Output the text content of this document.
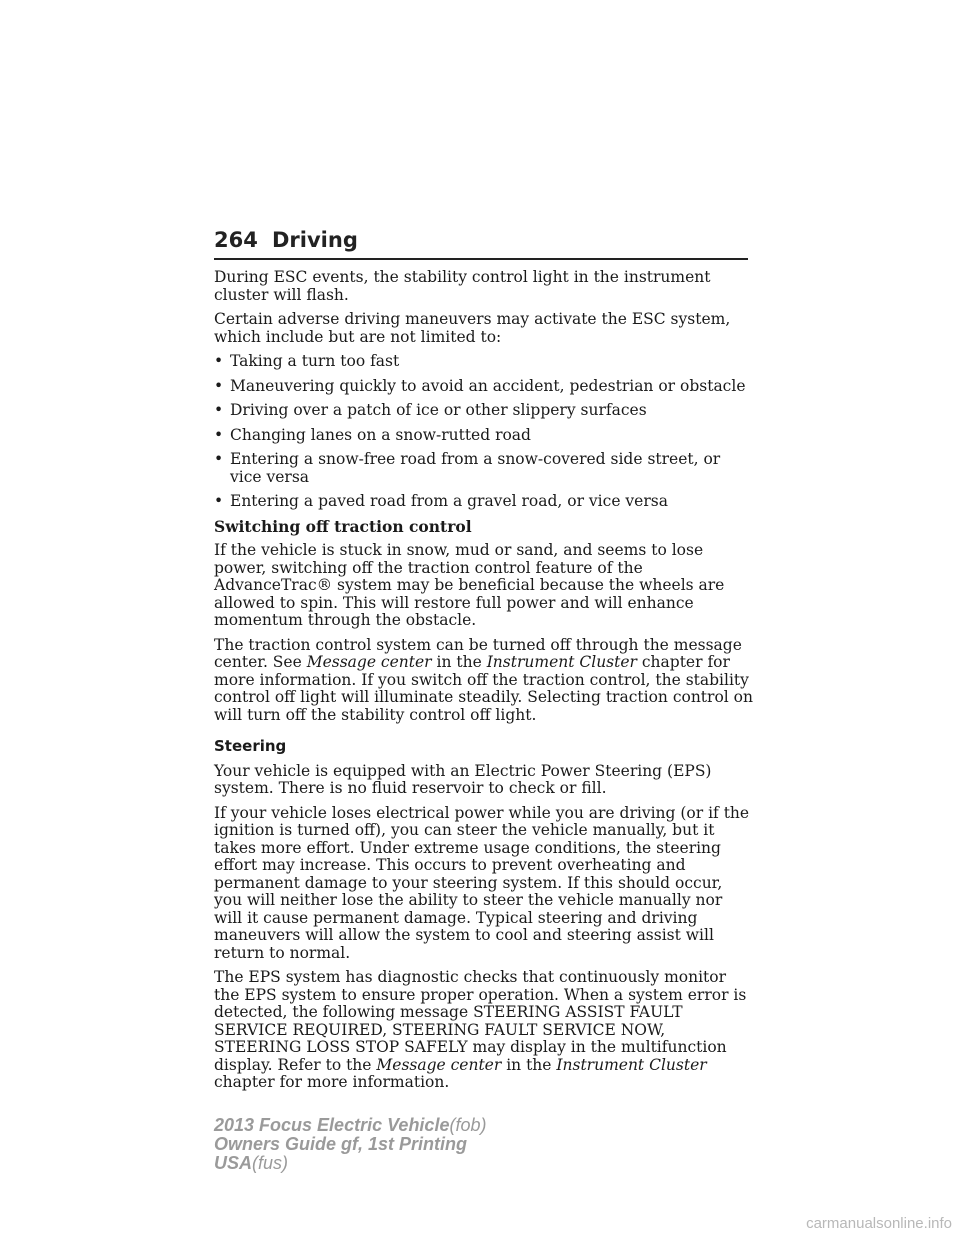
264 Driving

During ESC events, the stability control light in the instrument cluster will flash.

Certain adverse driving maneuvers may activate the ESC system, which include but are not limited to:

• Taking a turn too fast
• Maneuvering quickly to avoid an accident, pedestrian or obstacle
• Driving over a patch of ice or other slippery surfaces
• Changing lanes on a snow-rutted road
• Entering a snow-free road from a snow-covered side street, or vice versa
• Entering a paved road from a gravel road, or vice versa
Switching off traction control

If the vehicle is stuck in snow, mud or sand, and seems to lose power, switching off the traction control feature of the AdvanceTrac® system may be beneficial because the wheels are allowed to spin. This will restore full power and will enhance momentum through the obstacle.

The traction control system can be turned off through the message center. See Message center in the Instrument Cluster chapter for more information. If you switch off the traction control, the stability control off light will illuminate steadily. Selecting traction control on will turn off the stability control off light.

Steering

Your vehicle is equipped with an Electric Power Steering (EPS) system. There is no fluid reservoir to check or fill.

If your vehicle loses electrical power while you are driving (or if the ignition is turned off), you can steer the vehicle manually, but it takes more effort. Under extreme usage conditions, the steering effort may increase. This occurs to prevent overheating and permanent damage to your steering system. If this should occur, you will neither lose the ability to steer the vehicle manually nor will it cause permanent damage. Typical steering and driving maneuvers will allow the system to cool and steering assist will return to normal.

The EPS system has diagnostic checks that continuously monitor the EPS system to ensure proper operation. When a system error is detected, the following message STEERING ASSIST FAULT SERVICE REQUIRED, STEERING FAULT SERVICE NOW, STEERING LOSS STOP SAFELY may display in the multifunction display. Refer to the Message center in the Instrument Cluster chapter for more information.

2013 Focus Electric Vehicle(fob)
Owners Guide gf, 1st Printing
USA(fus)
carmanualsonline.info
